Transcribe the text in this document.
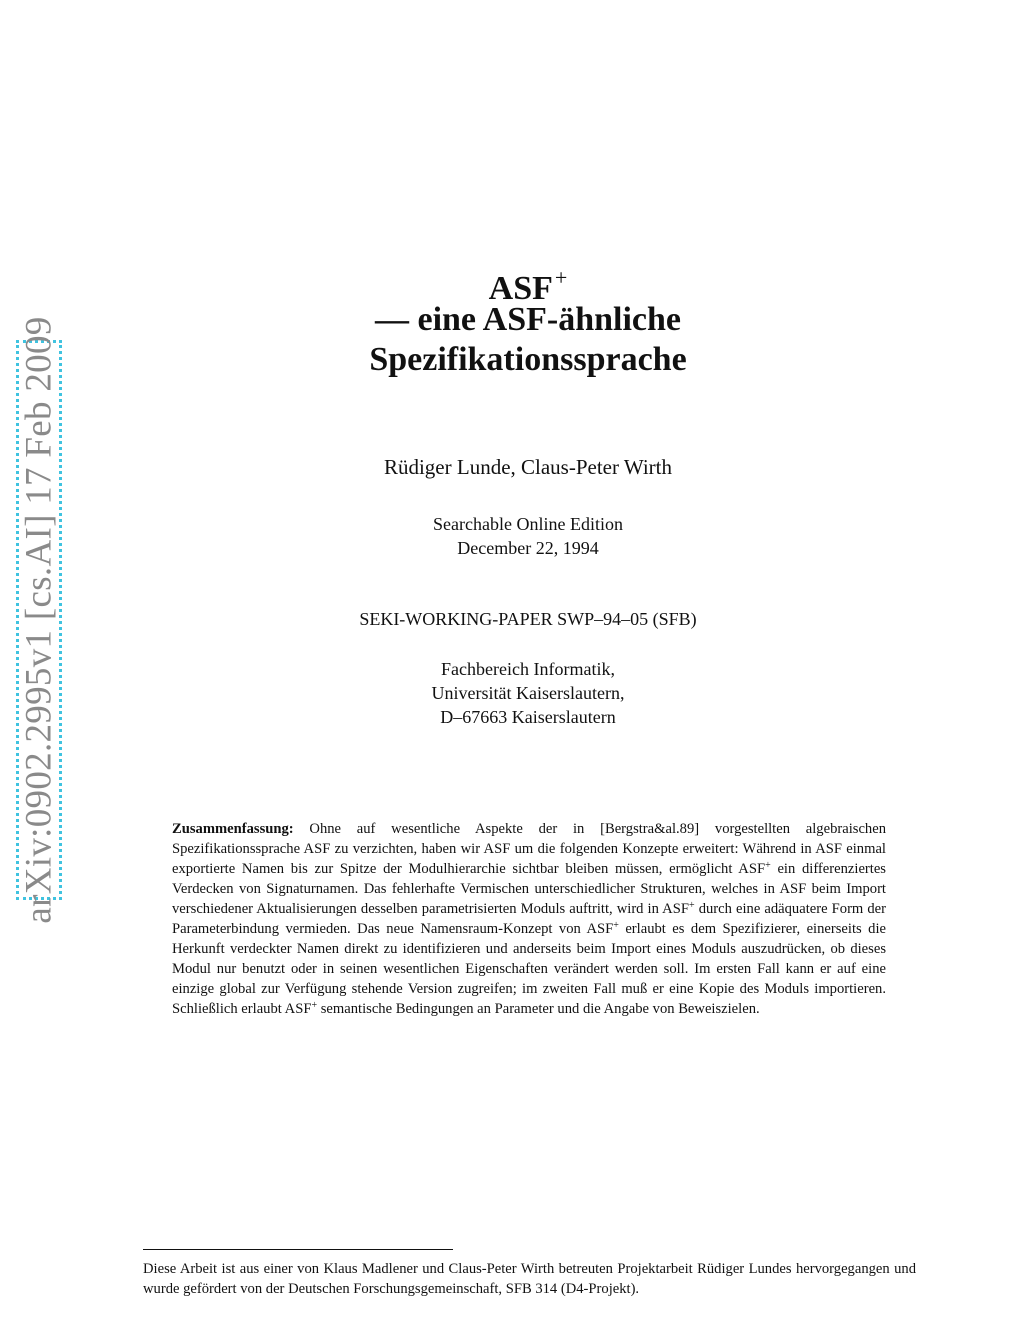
arXiv:0902.2995v1 [cs.AI] 17 Feb 2009
ASF+
— eine ASF-ähnliche
Spezifikationssprache
Rüdiger Lunde, Claus-Peter Wirth
Searchable Online Edition
December 22, 1994
SEKI-WORKING-PAPER SWP–94–05 (SFB)
Fachbereich Informatik,
Universität Kaiserslautern,
D–67663 Kaiserslautern
Zusammenfassung: Ohne auf wesentliche Aspekte der in [Bergstra&al.89] vorgestellten algebraischen Spezifikationssprache ASF zu verzichten, haben wir ASF um die folgenden Konzepte erweitert: Während in ASF einmal exportierte Namen bis zur Spitze der Modulhierarchie sichtbar bleiben müssen, ermöglicht ASF+ ein differenziertes Verdecken von Signaturnamen. Das fehlerhafte Vermischen unterschiedlicher Strukturen, welches in ASF beim Import verschiedener Aktualisierungen desselben parametrisierten Moduls auftritt, wird in ASF+ durch eine adäquatere Form der Parameterbindung vermieden. Das neue Namensraum-Konzept von ASF+ erlaubt es dem Spezifizierer, einerseits die Herkunft verdeckter Namen direkt zu identifizieren und anderseits beim Import eines Moduls auszudrücken, ob dieses Modul nur benutzt oder in seinen wesentlichen Eigenschaften verändert werden soll. Im ersten Fall kann er auf eine einzige global zur Verfügung stehende Version zugreifen; im zweiten Fall muß er eine Kopie des Moduls importieren. Schließlich erlaubt ASF+ semantische Bedingungen an Parameter und die Angabe von Beweiszielen.
Diese Arbeit ist aus einer von Klaus Madlener und Claus-Peter Wirth betreuten Projektarbeit Rüdiger Lundes hervorgegangen und wurde gefördert von der Deutschen Forschungsgemeinschaft, SFB 314 (D4-Projekt).
